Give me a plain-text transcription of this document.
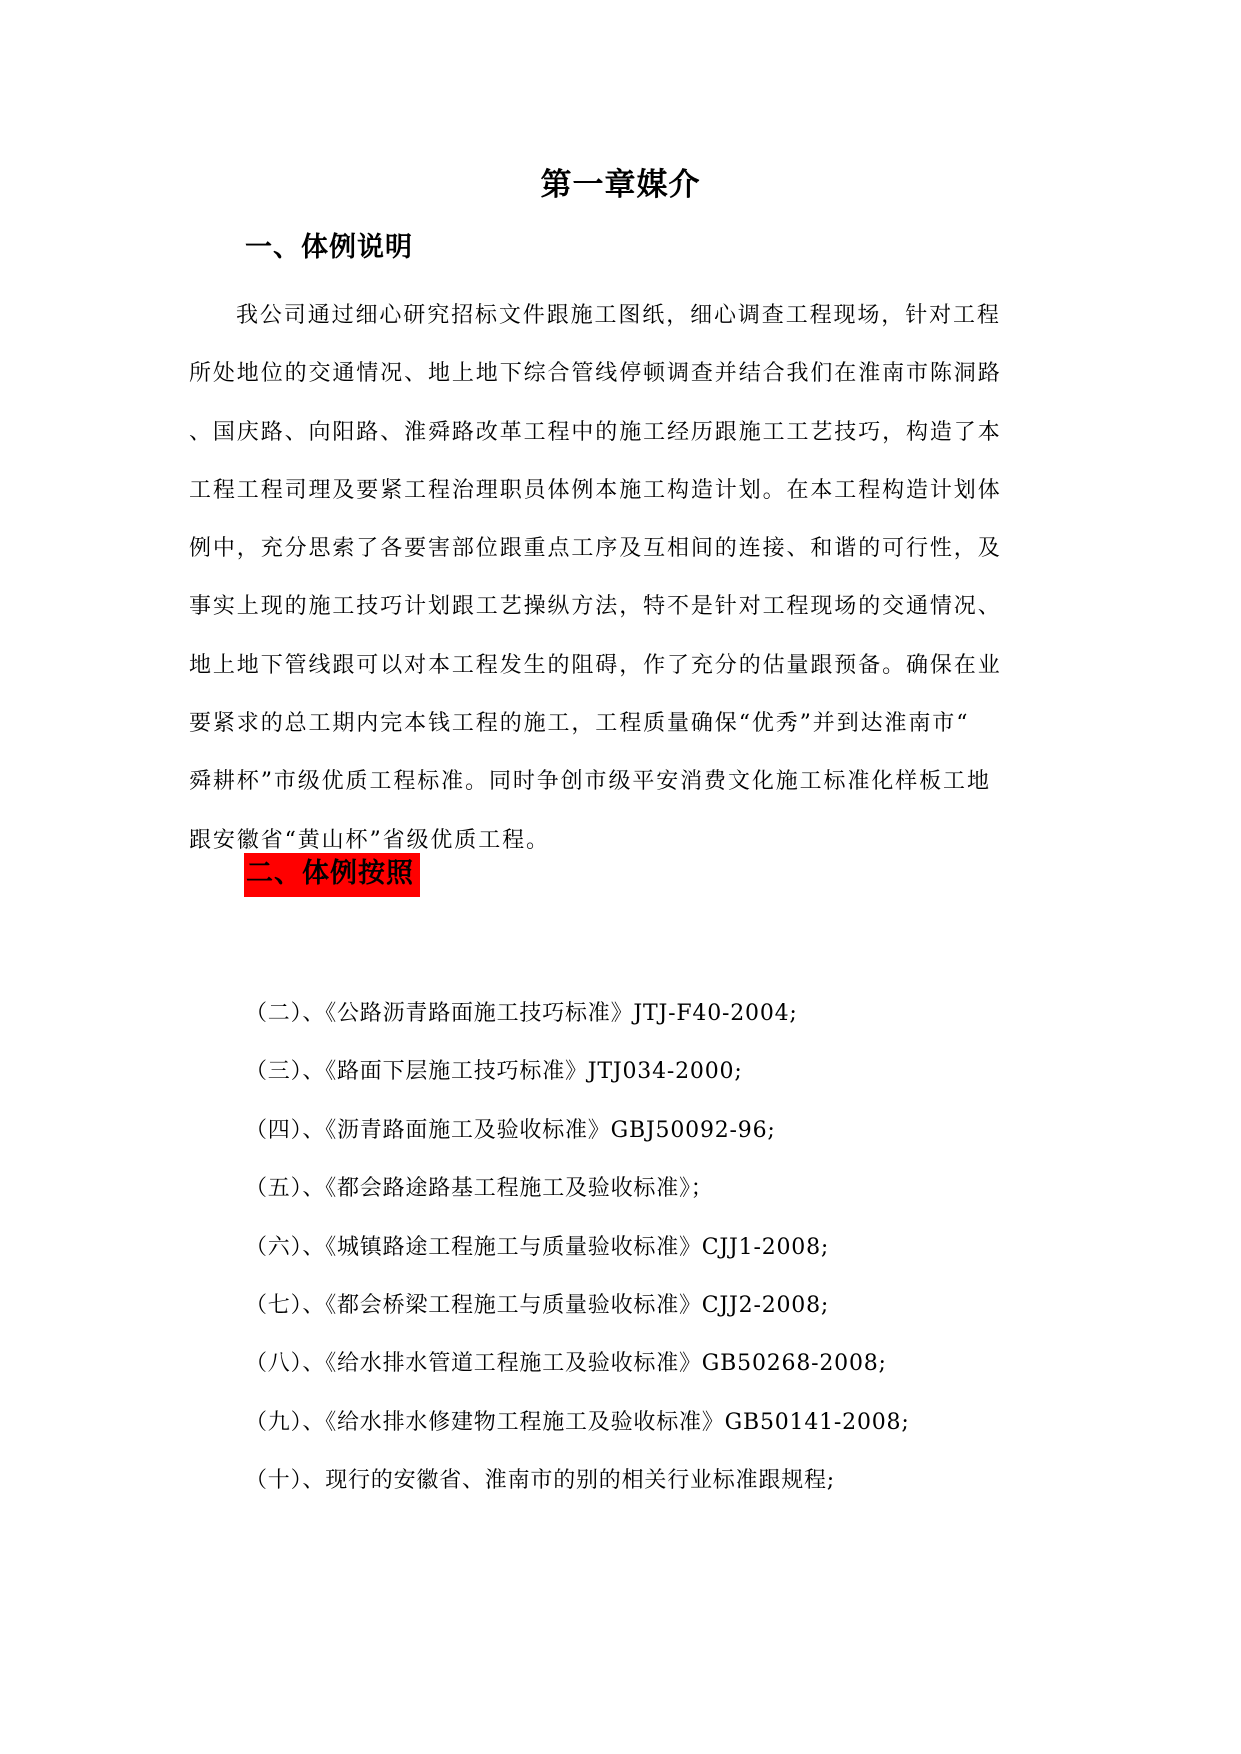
第一章媒介
一、体例说明
我公司通过细心研究招标文件跟施工图纸，细心调查工程现场，针对工程
所处地位的交通情况、地上地下综合管线停顿调查并结合我们在淮南市陈洞路
、国庆路、向阳路、淮舜路改革工程中的施工经历跟施工工艺技巧，构造了本
工程工程司理及要紧工程治理职员体例本施工构造计划。在本工程构造计划体
例中，充分思索了各要害部位跟重点工序及互相间的连接、和谐的可行性，及
事实上现的施工技巧计划跟工艺操纵方法，特不是针对工程现场的交通情况、
地上地下管线跟可以对本工程发生的阻碍，作了充分的估量跟预备。确保在业
要紧求的总工期内完本钱工程的施工，工程质量确保“优秀”并到达淮南市“
舜耕杯”市级优质工程标准。同时争创市级平安消费文化施工标准化样板工地
跟安徽省“黄山杯”省级优质工程。
二、体例按照
（二）、《公路沥青路面施工技巧标准》JTJ-F40-2004;
（三）、《路面下层施工技巧标准》JTJ034-2000;
（四）、《沥青路面施工及验收标准》GBJ50092-96;
（五）、《都会路途路基工程施工及验收标准》；
（六）、《城镇路途工程施工与质量验收标准》CJJ1-2008;
（七）、《都会桥梁工程施工与质量验收标准》CJJ2-2008;
（八）、《给水排水管道工程施工及验收标准》GB50268-2008;
（九）、《给水排水修建物工程施工及验收标准》GB50141-2008;
（十）、现行的安徽省、淮南市的别的相关行业标准跟规程;
